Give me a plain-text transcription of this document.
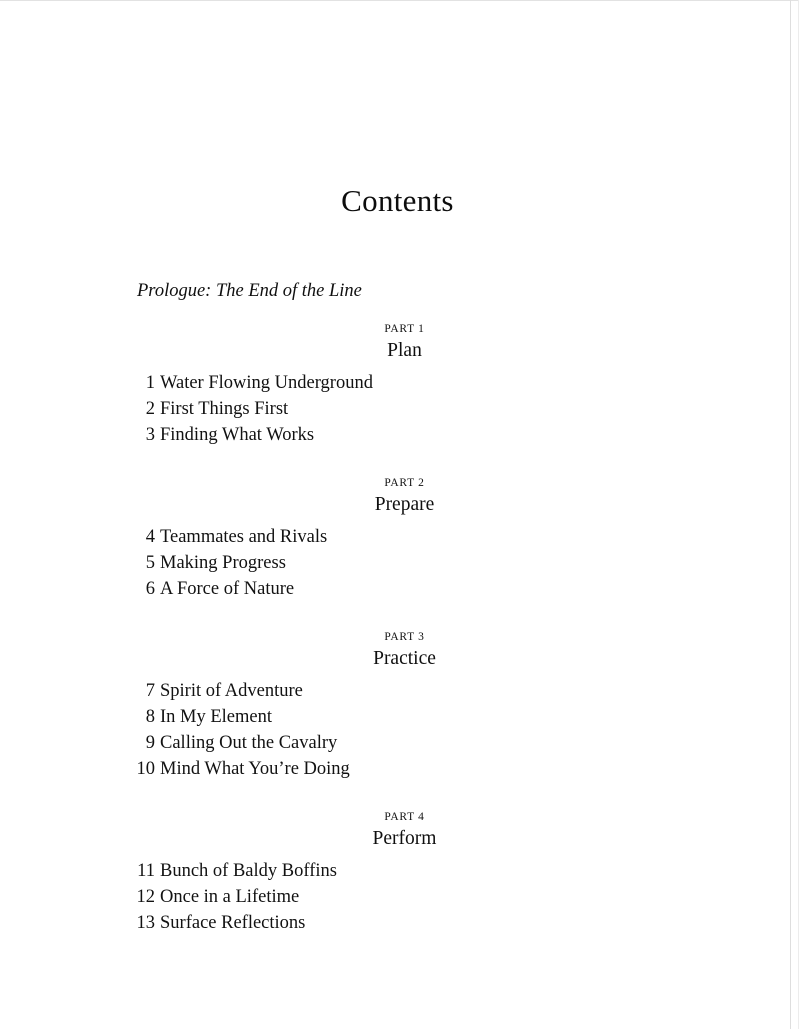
Contents
Prologue: The End of the Line
PART 1
Plan
1 Water Flowing Underground
2 First Things First
3 Finding What Works
PART 2
Prepare
4 Teammates and Rivals
5 Making Progress
6 A Force of Nature
PART 3
Practice
7 Spirit of Adventure
8 In My Element
9 Calling Out the Cavalry
10 Mind What You’re Doing
PART 4
Perform
11 Bunch of Baldy Boffins
12 Once in a Lifetime
13 Surface Reflections
